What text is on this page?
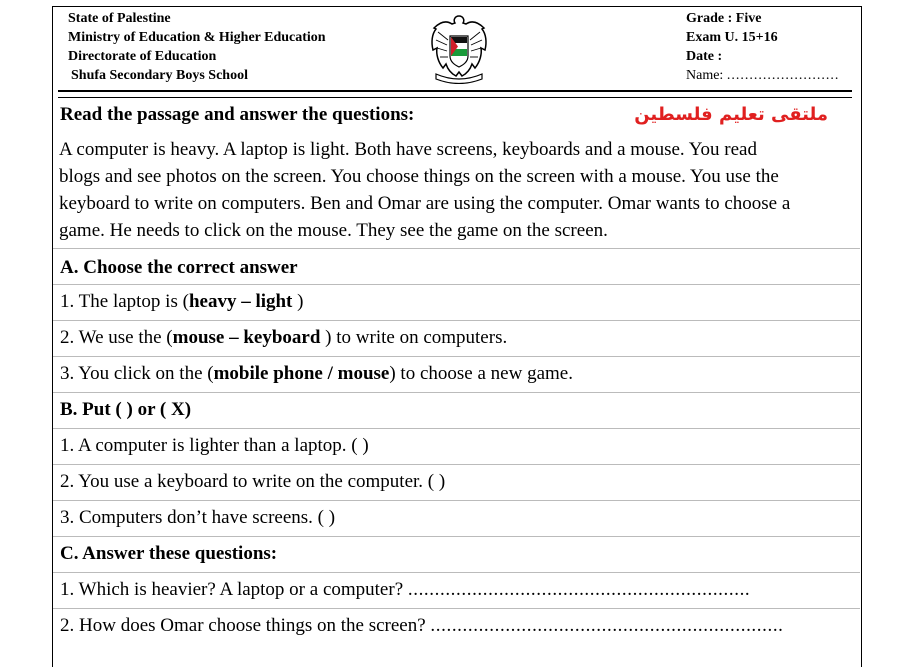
State of Palestine
Ministry of Education & Higher Education
Directorate of Education
Shufa Secondary Boys School
Grade : Five
Exam U. 15+16
Date :
Name: .........................
Read the passage and answer the questions:	ملتقى تعليم فلسطين
A computer is heavy. A laptop is light. Both have screens, keyboards and a mouse. You read
blogs and see photos on the screen. You choose things on the screen with a mouse. You use the
keyboard to write on computers. Ben and Omar are using the computer. Omar wants to choose a
game. He needs to click on the mouse. They see the game on the screen.
A. Choose the correct answer
1. The laptop is (heavy – light )
2. We use the (mouse – keyboard ) to write on computers.
3. You click on the (mobile phone / mouse) to choose a new game.
B. Put ( ) or ( X)
1. A computer is lighter than a laptop. ( )
2. You use a keyboard to write on the computer. ( )
3. Computers don’t have screens. ( )
C. Answer these questions:
1. Which is heavier? A laptop or a computer? ................................................................
2. How does Omar choose things on the screen? ..................................................................
